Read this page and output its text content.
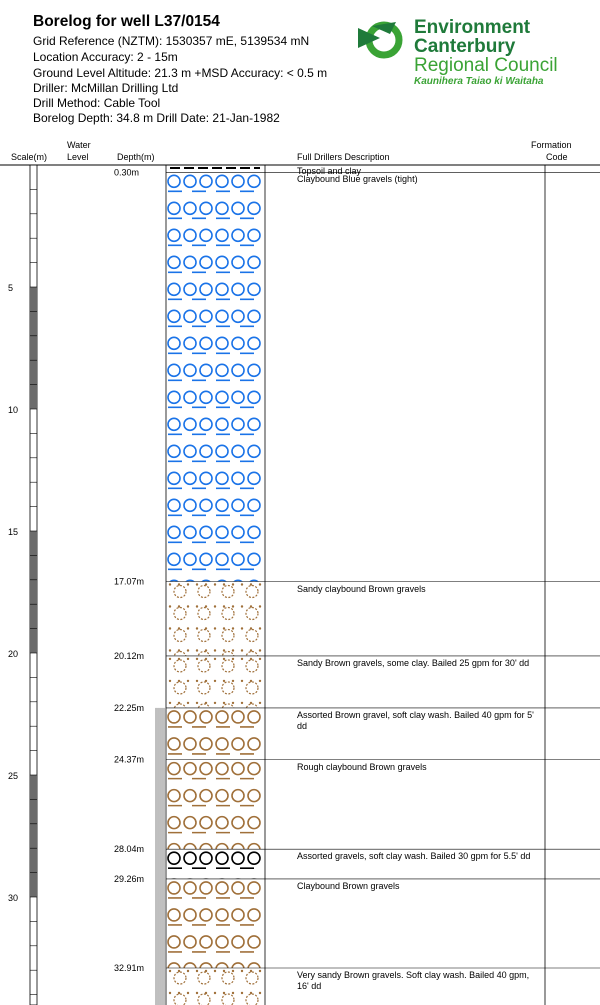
Borelog for well L37/0154
Grid Reference (NZTM): 1530357 mE, 5139534 mN
Location Accuracy: 2 - 15m
Ground Level Altitude: 21.3 m +MSD Accuracy: < 0.5 m
Driller: McMillan Drilling Ltd
Drill Method: Cable Tool
Borelog Depth: 34.8 m Drill Date: 21-Jan-1982
Environment
Canterbury
Regional Council
Kaunihera Taiao ki Waitaha
Scale(m)
Water
Level	Depth(m)	Full Drillers Description
Formation
Code
5
10
15
20
25
30
0.30m
17.07m
20.12m
22.25m
24.37m
28.04m
29.26m
32.91m
Topsoil and clay
Claybound Blue gravels (tight)
Sandy claybound Brown gravels
Sandy Brown gravels, some clay. Bailed 25 gpm for 30' dd
Assorted Brown gravel, soft clay wash. Bailed 40 gpm for 5' dd
Rough claybound Brown gravels
Assorted gravels, soft clay wash. Bailed 30 gpm for 5.5' dd
Claybound Brown gravels
Very sandy Brown gravels. Soft clay wash. Bailed 40 gpm, 16' dd
